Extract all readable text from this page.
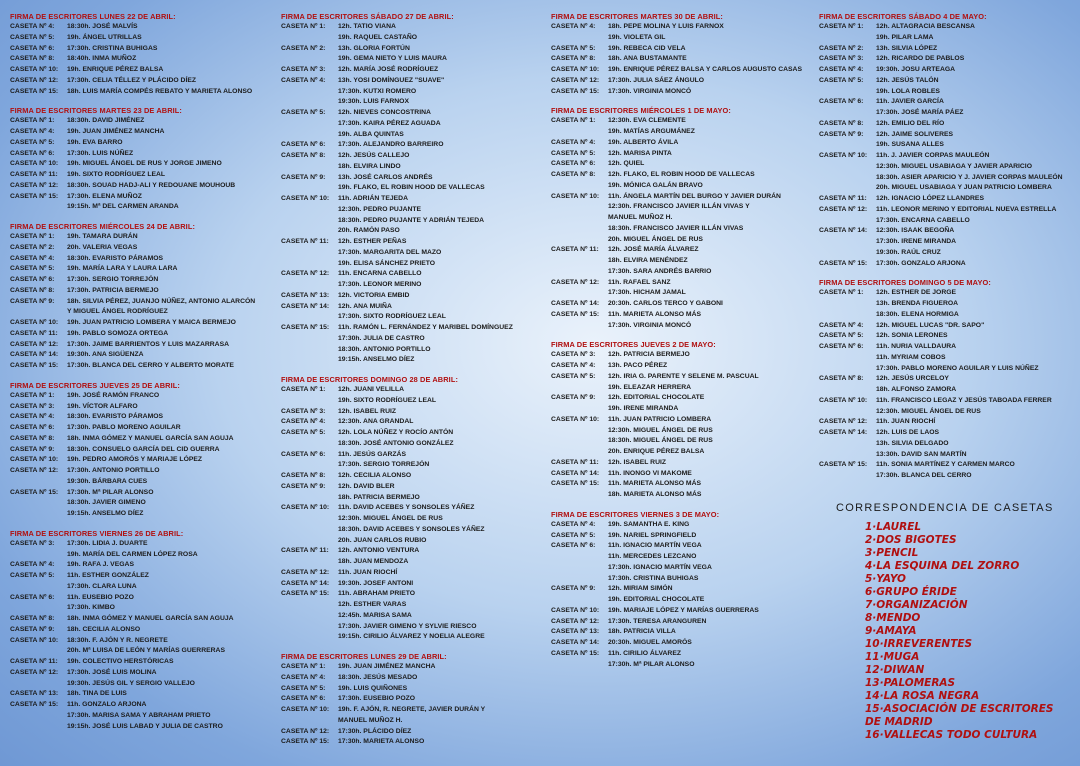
FIRMA DE ESCRITORES LUNES 22 DE ABRIL:
CASETA Nº 4:	18:30h. JOSÉ MALVÍS
CASETA Nº 5:	19h. ÁNGEL UTRILLAS
CASETA Nº 6:	17:30h. CRISTINA BUHIGAS
CASETA Nº 8:	18:40h. INMA MUÑOZ
CASETA Nº 10:	19h. ENRIQUE PÉREZ BALSA
CASETA Nº 12:	17:30h. CELIA TÉLLEZ Y PLÁCIDO DÍEZ
CASETA Nº 15:	18h. LUIS MARÍA COMPÉS REBATO Y MARIETA ALONSO
FIRMA DE ESCRITORES MARTES 23 DE ABRIL:
CASETA Nº 1:	18:30h. DAVID JIMÉNEZ
CASETA Nº 4:	19h. JUAN JIMÉNEZ MANCHA
CASETA Nº 5:	19h. EVA BARRO
CASETA Nº 6:	17:30h. LUIS NÚÑEZ
CASETA Nº 10:	19h. MIGUEL ÁNGEL DE RUS Y JORGE JIMENO
CASETA Nº 11:	19h. SIXTO RODRÍGUEZ LEAL
CASETA Nº 12:	18:30h. SOUAD HADJ-ALI Y REDOUANE MOUHOUB
CASETA Nº 15:	17:30h. ELENA MUÑOZ
19:15h. Mª DEL CARMEN ARANDA
FIRMA DE ESCRITORES MIÉRCOLES 24 DE ABRIL:
CASETA Nº 1:	19h. TAMARA DURÁN
CASETA Nº 2:	20h. VALERIA VEGAS
CASETA Nº 4:	18:30h. EVARISTO PÁRAMOS
CASETA Nº 5:	19h. MARÍA LARA Y LAURA LARA
CASETA Nº 6:	17:30h. SERGIO TORREJÓN
CASETA Nº 8:	17:30h. PATRICIA BERMEJO
CASETA Nº 9:	18h. SILVIA PÉREZ, JUANJO NÚÑEZ, ANTONIO ALARCÓN
Y MIGUEL ÁNGEL RODRÍGUEZ
CASETA Nº 10:	19h. JUAN PATRICIO LOMBERA Y MAICA BERMEJO
CASETA Nº 11:	19h. PABLO SOMOZA ORTEGA
CASETA Nº 12:	17:30h. JAIME BARRIENTOS Y LUIS MAZARRASA
CASETA Nº 14:	19:30h. ANA SIGÜENZA
CASETA Nº 15:	17:30h. BLANCA DEL CERRO Y ALBERTO MORATE
FIRMA DE ESCRITORES JUEVES 25 DE ABRIL:
CASETA Nº 1:	19h. JOSÉ RAMÓN FRANCO
CASETA Nº 3:	19h. VÍCTOR ALFARO
CASETA Nº 4:	18:30h. EVARISTO PÁRAMOS
CASETA Nº 6:	17:30h. PABLO MORENO AGUILAR
CASETA Nº 8:	18h. INMA GÓMEZ Y MANUEL GARCÍA SAN AGUJA
CASETA Nº 9:	18:30h. CONSUELO GARCÍA DEL CID GUERRA
CASETA Nº 10:	19h. PEDRO AMORÓS Y MARIAJE LÓPEZ
CASETA Nº 12:	17:30h. ANTONIO PORTILLO
19:30h. BÁRBARA CUES
CASETA Nº 15:	17:30h. Mª PILAR ALONSO
18:30h. JAVIER GIMENO
19:15h. ANSELMO DÍEZ
FIRMA DE ESCRITORES VIERNES 26 DE ABRIL:
CASETA Nº 3:	17:30h. LIDIA J. DUARTE
19h. MARÍA DEL CARMEN LÓPEZ ROSA
CASETA Nº 4:	19h. RAFA J. VEGAS
CASETA Nº 5:	11h. ESTHER GONZÁLEZ
17:30h. CLARA LUNA
CASETA Nº 6:	11h. EUSEBIO POZO
17:30h. KIMBO
CASETA Nº 8:	18h. INMA GÓMEZ Y MANUEL GARCÍA SAN AGUJA
CASETA Nº 9:	18h. CECILIA ALONSO
CASETA Nº 10:	18:30h. F. AJÓN Y R. NEGRETE
20h. Mª LUISA DE LEÓN Y MARÍAS GUERRERAS
CASETA Nº 11:	19h. COLECTIVO HERSTÓRICAS
CASETA Nº 12:	17:30h. JOSÉ LUIS MOLINA
19:30h. JESÚS GIL Y SERGIO VALLEJO
CASETA Nº 13:	18h. TINA DE LUIS
CASETA Nº 15:	11h. GONZALO ARJONA
17:30h. MARISA SAMA Y ABRAHAM PRIETO
19:15h. JOSÉ LUIS LABAD Y JULIA DE CASTRO
FIRMA DE ESCRITORES SÁBADO 27 DE ABRIL:
CASETA Nº 1:	12h. TATIO VIANA
19h. RAQUEL CASTAÑO
CASETA Nº 2:	13h. GLORIA FORTÚN
19h. GEMA NIETO Y LUIS MAURA
CASETA Nº 3:	12h. MARÍA JOSÉ RODRÍGUEZ
CASETA Nº 4:	13h. YOSI DOMÍNGUEZ "SUAVE"
17:30h. KUTXI ROMERO
19:30h. LUIS FARNOX
CASETA Nº 5:	12h. NIEVES CONCOSTRINA
17:30h. KAIRA PÉREZ AGUADA
19h. ALBA QUINTAS
CASETA Nº 6:	17:30h. ALEJANDRO BARREIRO
CASETA Nº 8:	12h. JESÚS CALLEJO
18h. ELVIRA LINDO
CASETA Nº 9:	13h. JOSÉ CARLOS ANDRÉS
19h. FLAKO, EL ROBIN HOOD DE VALLECAS
CASETA Nº 10:	11h. ADRIÁN TEJEDA
12:30h. PEDRO PUJANTE
18:30h. PEDRO PUJANTE Y ADRIÁN TEJEDA
20h. RAMÓN PASO
CASETA Nº 11:	12h. ESTHER PEÑAS
17:30h. MARGARITA DEL MAZO
19h. ELISA SÁNCHEZ PRIETO
CASETA Nº 12:	11h. ENCARNA CABELLO
17:30h. LEONOR MERINO
CASETA Nº 13:	12h. VICTORIA EMBID
CASETA Nº 14:	12h. ANA MUIÑA
17:30h. SIXTO RODRÍGUEZ LEAL
CASETA Nº 15:	11h. RAMÓN L. FERNÁNDEZ Y MARIBEL DOMÍNGUEZ
17:30h. JULIA DE CASTRO
18:30h. ANTONIO PORTILLO
19:15h. ANSELMO DÍEZ
FIRMA DE ESCRITORES DOMINGO 28 DE ABRIL:
CASETA Nº 1:	12h. JUANI VELILLA
19h. SIXTO RODRÍGUEZ LEAL
CASETA Nº 3:	12h. ISABEL RUIZ
CASETA Nº 4:	12:30h. ANA GRANDAL
CASETA Nº 5:	12h. LOLA NÚÑEZ Y ROCÍO ANTÓN
18:30h. JOSÉ ANTONIO GONZÁLEZ
CASETA Nº 6:	11h. JESÚS GARZÁS
17:30h. SERGIO TORREJÓN
CASETA Nº 8:	12h. CECILIA ALONSO
CASETA Nº 9:	12h. DAVID BLER
18h. PATRICIA BERMEJO
CASETA Nº 10:	11h. DAVID ACEBES Y SONSOLES YÁÑEZ
12:30h. MIGUEL ÁNGEL DE RUS
18:30h. DAVID ACEBES Y SONSOLES YÁÑEZ
20h. JUAN CARLOS RUBIO
CASETA Nº 11:	12h. ANTONIO VENTURA
18h. JUAN MENDOZA
CASETA Nº 12:	11h. JUAN RIOCHÍ
CASETA Nº 14:	19:30h. JOSEF ANTONI
CASETA Nº 15:	11h. ABRAHAM PRIETO
12h. ESTHER VARAS
12:45h. MARISA SAMA
17:30h. JAVIER GIMENO Y SYLVIE RIESCO
19:15h. CIRILIO ÁLVAREZ Y NOELIA ALEGRE
FIRMA DE ESCRITORES LUNES 29 DE ABRIL:
CASETA Nº 1:	19h. JUAN JIMÉNEZ MANCHA
CASETA Nº 4:	18:30h. JESÚS MESADO
CASETA Nº 5:	19h. LUIS QUIÑONES
CASETA Nº 6:	17:30h. EUSEBIO POZO
CASETA Nº 10:	19h. F. AJÓN, R. NEGRETE, JAVIER DURÁN Y
MANUEL MUÑOZ H.
CASETA Nº 12:	17:30h. PLÁCIDO DÍEZ
CASETA Nº 15:	17:30h. MARIETA ALONSO
FIRMA DE ESCRITORES MARTES 30 DE ABRIL:
CASETA Nº 4:	18h. PEPE MOLINA Y LUIS FARNOX
19h. VIOLETA GIL
CASETA Nº 5:	19h. REBECA CID VELA
CASETA Nº 8:	18h. ANA BUSTAMANTE
CASETA Nº 10:	19h. ENRIQUE PÉREZ BALSA Y CARLOS AUGUSTO CASAS
CASETA Nº 12:	17:30h. JULIA SÁEZ ÁNGULO
CASETA Nº 15:	17:30h. VIRGINIA MONCÓ
FIRMA DE ESCRITORES MIÉRCOLES 1 DE MAYO:
CASETA Nº 1:	12:30h. EVA CLEMENTE
19h. MATÍAS ARGUMÁNEZ
CASETA Nº 4:	19h. ALBERTO ÁVILA
CASETA Nº 5:	12h. MARISA PINTA
CASETA Nº 6:	12h. QUIEL
CASETA Nº 8:	12h. FLAKO, EL ROBIN HOOD DE VALLECAS
19h. MÓNICA GALÁN BRAVO
CASETA Nº 10:	11h. ÁNGELA MARTÍN DEL BURGO Y JAVIER DURÁN
12:30h. FRANCISCO JAVIER ILLÁN VIVAS Y
MANUEL MUÑOZ H.
18:30h. FRANCISCO JAVIER ILLÁN VIVAS
20h. MIGUEL ÁNGEL DE RUS
CASETA Nº 11:	12h. JOSÉ MARÍA ÁLVAREZ
18h. ELVIRA MENÉNDEZ
17:30h. SARA ANDRÉS BARRIO
CASETA Nº 12:	11h. RAFAEL SANZ
17:30h. HICHAM JAMAL
CASETA Nº 14:	20:30h. CARLOS TERCO Y GABONI
CASETA Nº 15:	11h. MARIETA ALONSO MÁS
17:30h. VIRGINIA MONCÓ
FIRMA DE ESCRITORES JUEVES 2 DE MAYO:
CASETA Nº 3:	12h. PATRICIA BERMEJO
CASETA Nº 4:	13h. PACO PÉREZ
CASETA Nº 5:	12h. IRIA G. PARENTE Y SELENE M. PASCUAL
19h. ELEAZAR HERRERA
CASETA Nº 9:	12h. EDITORIAL CHOCOLATE
19h. IRENE MIRANDA
CASETA Nº 10:	11h. JUAN PATRICIO LOMBERA
12:30h. MIGUEL ÁNGEL DE RUS
18:30h. MIGUEL ÁNGEL DE RUS
20h. ENRIQUE PÉREZ BALSA
CASETA Nº 11:	12h. ISABEL RUIZ
CASETA Nº 14:	11h. INONGO VI MAKOME
CASETA Nº 15:	11h. MARIETA ALONSO MÁS
18h. MARIETA ALONSO MÁS
FIRMA DE ESCRITORES VIERNES 3 DE MAYO:
CASETA Nº 4:	19h. SAMANTHA E. KING
CASETA Nº 5:	19h. NARIEL SPRINGFIELD
CASETA Nº 6:	11h. IGNACIO MARTÍN VEGA
11h. MERCEDES LEZCANO
17:30h. IGNACIO MARTÍN VEGA
17:30h. CRISTINA BUHIGAS
CASETA Nº 9:	12h. MIRIAM SIMÓN
19h. EDITORIAL CHOCOLATE
CASETA Nº 10:	19h. MARIAJE LÓPEZ Y MARÍAS GUERRERAS
CASETA Nº 12:	17:30h. TERESA ARANGUREN
CASETA Nº 13:	18h. PATRICIA VILLA
CASETA Nº 14:	20:30h. MIGUEL AMORÓS
CASETA Nº 15:	11h. CIRILIO ÁLVAREZ
17:30h. Mª PILAR ALONSO
FIRMA DE ESCRITORES SÁBADO 4 DE MAYO:
CASETA Nº 1:	12h. ALTAGRACIA BESCANSA
19h. PILAR LAMA
CASETA Nº 2:	13h. SILVIA LÓPEZ
CASETA Nº 3:	12h. RICARDO DE PABLOS
CASETA Nº 4:	19:30h. JOSU ARTEAGA
CASETA Nº 5:	12h. JESÚS TALÓN
19h. LOLA ROBLES
CASETA Nº 6:	11h. JAVIER GARCÍA
17:30h. JOSÉ MARÍA PÁEZ
CASETA Nº 8:	12h. EMILIO DEL RÍO
CASETA Nº 9:	12h. JAIME SOLIVERES
19h. SUSANA ALLES
CASETA Nº 10:	11h. J. JAVIER CORPAS MAULEÓN
12:30h. MIGUEL USABIAGA Y JAVIER APARICIO
18:30h. ASIER APARICIO Y J. JAVIER CORPAS MAULEÓN
20h. MIGUEL USABIAGA Y JUAN PATRICIO LOMBERA
CASETA Nº 11:	12h. IGNACIO LÓPEZ LLANDRES
CASETA Nº 12:	11h. LEONOR MERINO Y EDITORIAL NUEVA ESTRELLA
17:30h. ENCARNA CABELLO
CASETA Nº 14:	12:30h. ISAAK BEGOÑA
17:30h. IRENE MIRANDA
19:30h. RAÚL CRUZ
CASETA Nº 15:	17:30h. GONZALO ARJONA
FIRMA DE ESCRITORES DOMINGO 5 DE MAYO:
CASETA Nº 1:	12h. ESTHER DE JORGE
13h. BRENDA FIGUEROA
18:30h. ELENA HORMIGA
CASETA Nº 4:	12h. MIGUEL LUCAS "DR. SAPO"
CASETA Nº 5:	12h. SONIA LERONES
CASETA Nº 6:	11h. NURIA VALLDAURA
11h. MYRIAM COBOS
17:30h. PABLO MORENO AGUILAR Y LUIS NÚÑEZ
CASETA Nº 8:	12h. JESÚS URCELOY
18h. ALFONSO ZAMORA
CASETA Nº 10:	11h. FRANCISCO LEGAZ Y JESÚS TABOADA FERRER
12:30h. MIGUEL ÁNGEL DE RUS
CASETA Nº 12:	11h. JUAN RIOCHÍ
CASETA Nº 14:	12h. LUIS DE LAOS
13h. SILVIA DELGADO
13:30h. DAVID SAN MARTÍN
CASETA Nº 15:	11h. SONIA MARTÍNEZ Y CARMEN MARCO
17:30h. BLANCA DEL CERRO
CORRESPONDENCIA DE CASETAS
1·LAUREL
2·DOS BIGOTES
3·PENCIL
4·LA ESQUINA DEL ZORRO
5·YAYO
6·GRUPO ÉRIDE
7·ORGANIZACIÓN
8·MENDO
9·AMAYA
10·IRREVERENTES
11·MUGA
12·DIWAN
13·PALOMERAS
14·LA ROSA NEGRA
15·ASOCIACIÓN DE ESCRITORES
DE MADRID
16·VALLECAS TODO CULTURA
